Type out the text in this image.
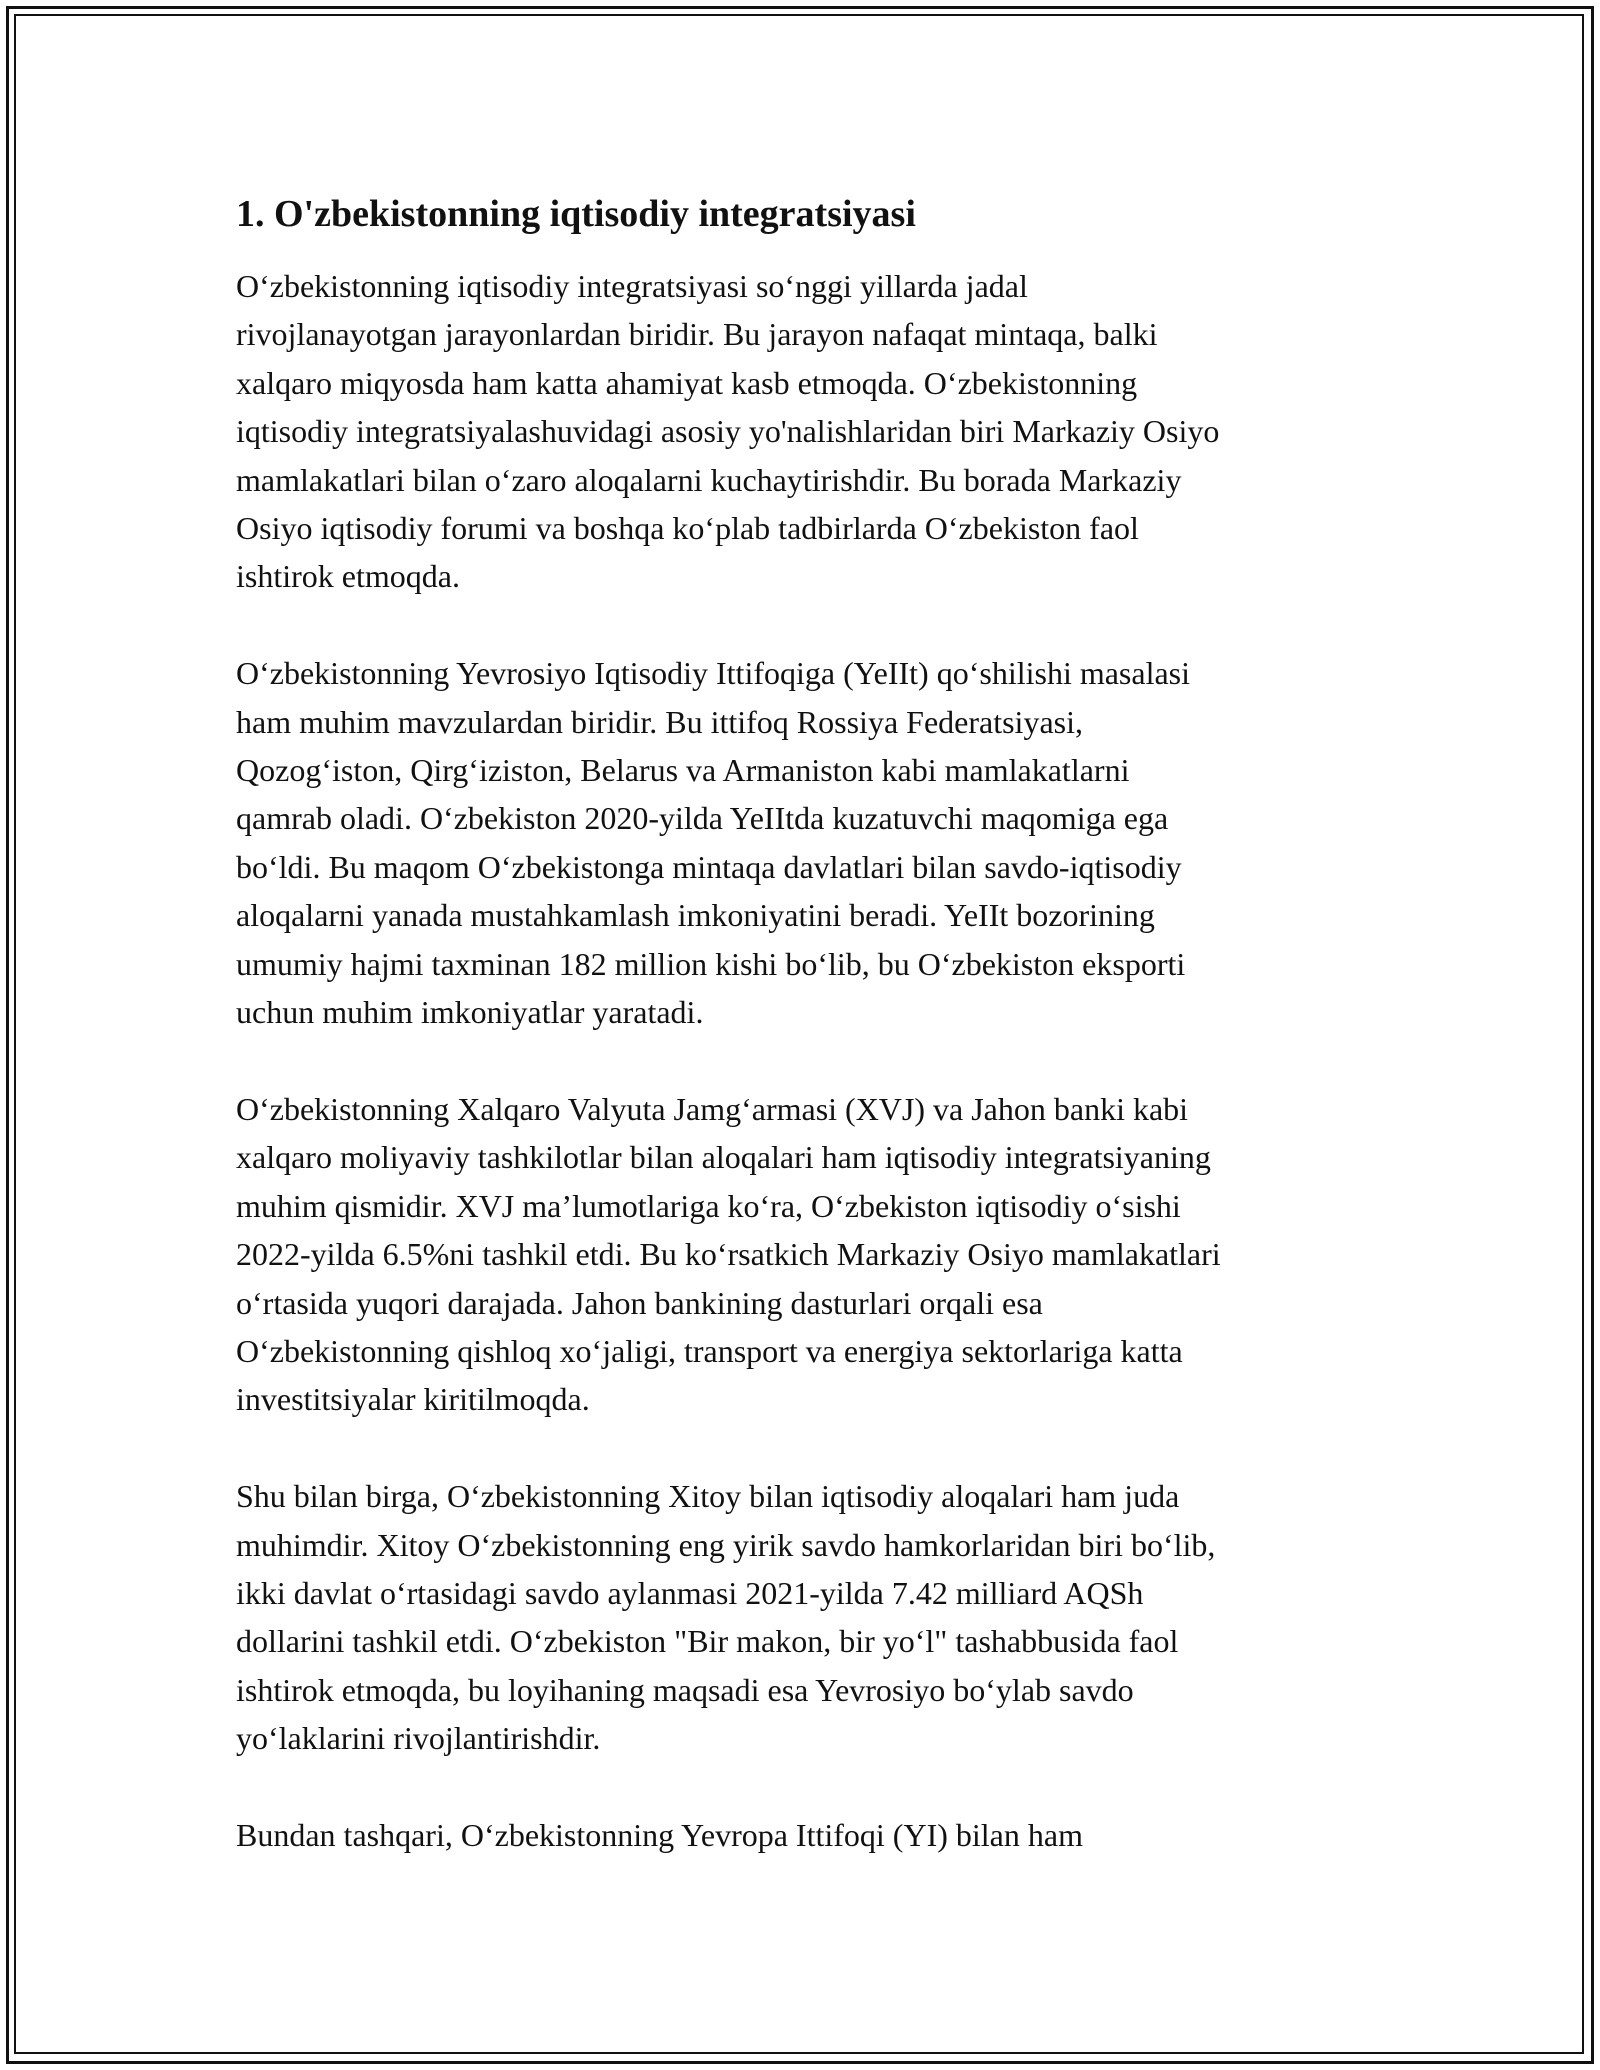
1. O'zbekistonning iqtisodiy integratsiyasi

O‘zbekistonning iqtisodiy integratsiyasi so‘nggi yillarda jadal
rivojlanayotgan jarayonlardan biridir. Bu jarayon nafaqat mintaqa, balki
xalqaro miqyosda ham katta ahamiyat kasb etmoqda. O‘zbekistonning
iqtisodiy integratsiyalashuvidagi asosiy yo'nalishlaridan biri Markaziy Osiyo
mamlakatlari bilan o‘zaro aloqalarni kuchaytirishdir. Bu borada Markaziy
Osiyo iqtisodiy forumi va boshqa ko‘plab tadbirlarda O‘zbekiston faol
ishtirok etmoqda.

O‘zbekistonning Yevrosiyo Iqtisodiy Ittifoqiga (YeIIt) qo‘shilishi masalasi
ham muhim mavzulardan biridir. Bu ittifoq Rossiya Federatsiyasi,
Qozog‘iston, Qirg‘iziston, Belarus va Armaniston kabi mamlakatlarni
qamrab oladi. O‘zbekiston 2020-yilda YeIItda kuzatuvchi maqomiga ega
bo‘ldi. Bu maqom O‘zbekistonga mintaqa davlatlari bilan savdo-iqtisodiy
aloqalarni yanada mustahkamlash imkoniyatini beradi. YeIIt bozorining
umumiy hajmi taxminan 182 million kishi bo‘lib, bu O‘zbekiston eksporti
uchun muhim imkoniyatlar yaratadi.

O‘zbekistonning Xalqaro Valyuta Jamg‘armasi (XVJ) va Jahon banki kabi
xalqaro moliyaviy tashkilotlar bilan aloqalari ham iqtisodiy integratsiyaning
muhim qismidir. XVJ ma’lumotlariga ko‘ra, O‘zbekiston iqtisodiy o‘sishi
2022-yilda 6.5%ni tashkil etdi. Bu ko‘rsatkich Markaziy Osiyo mamlakatlari
o‘rtasida yuqori darajada. Jahon bankining dasturlari orqali esa
O‘zbekistonning qishloq xo‘jaligi, transport va energiya sektorlariga katta
investitsiyalar kiritilmoqda.

Shu bilan birga, O‘zbekistonning Xitoy bilan iqtisodiy aloqalari ham juda
muhimdir. Xitoy O‘zbekistonning eng yirik savdo hamkorlaridan biri bo‘lib,
ikki davlat o‘rtasidagi savdo aylanmasi 2021-yilda 7.42 milliard AQSh
dollarini tashkil etdi. O‘zbekiston "Bir makon, bir yo‘l" tashabbusida faol
ishtirok etmoqda, bu loyihaning maqsadi esa Yevrosiyo bo‘ylab savdo
yo‘laklarini rivojlantirishdir.

Bundan tashqari, O‘zbekistonning Yevropa Ittifoqi (YI) bilan ham
